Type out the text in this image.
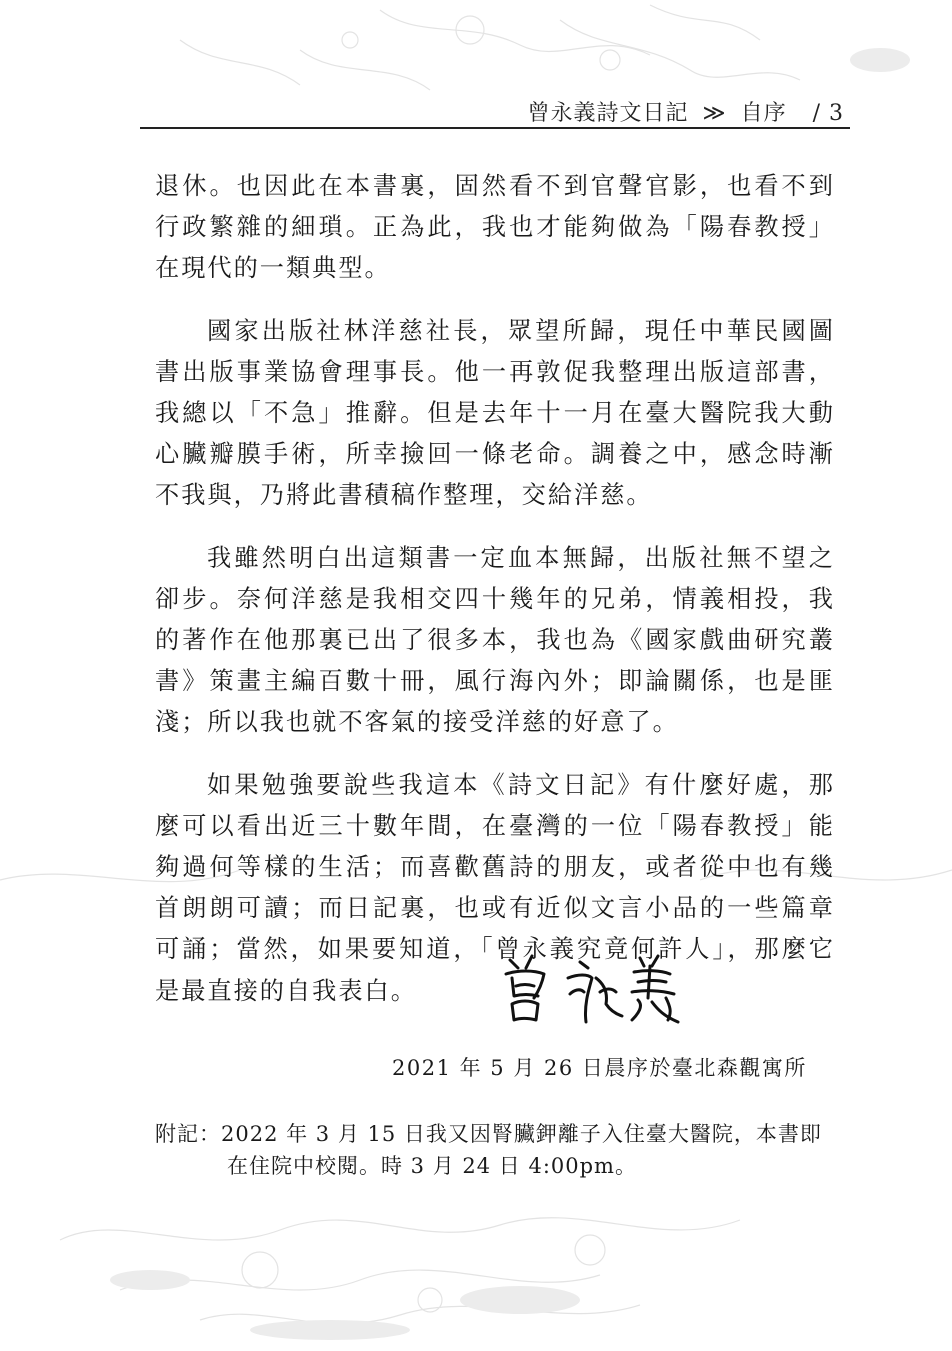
曾永義詩文日記 ≫ 自序 / 3

退休。也因此在本書裏，固然看不到官聲官影，也看不到行政繁雜的細瑣。正為此，我也才能夠做為「陽春教授」在現代的一類典型。

國家出版社林洋慈社長，眾望所歸，現任中華民國圖書出版事業協會理事長。他一再敦促我整理出版這部書，我總以「不急」推辭。但是去年十一月在臺大醫院我大動心臟瓣膜手術，所幸撿回一條老命。調養之中，感念時漸不我與，乃將此書積稿作整理，交給洋慈。

我雖然明白出這類書一定血本無歸，出版社無不望之卻步。奈何洋慈是我相交四十幾年的兄弟，情義相投，我的著作在他那裏已出了很多本，我也為《國家戲曲研究叢書》策畫主編百數十冊，風行海內外；即論關係，也是匪淺；所以我也就不客氣的接受洋慈的好意了。

如果勉強要說些我這本《詩文日記》有什麼好處，那麼可以看出近三十數年間，在臺灣的一位「陽春教授」能夠過何等樣的生活；而喜歡舊詩的朋友，或者從中也有幾首朗朗可讀；而日記裏，也或有近似文言小品的一些篇章可誦；當然，如果要知道，「曾永義究竟何許人」，那麼它是最直接的自我表白。

2021 年 5 月 26 日晨序於臺北森觀寓所
附記：2022 年 3 月 15 日我又因腎臟鉀離子入住臺大醫院，本書即
在住院中校閱。時 3 月 24 日 4:00pm。
